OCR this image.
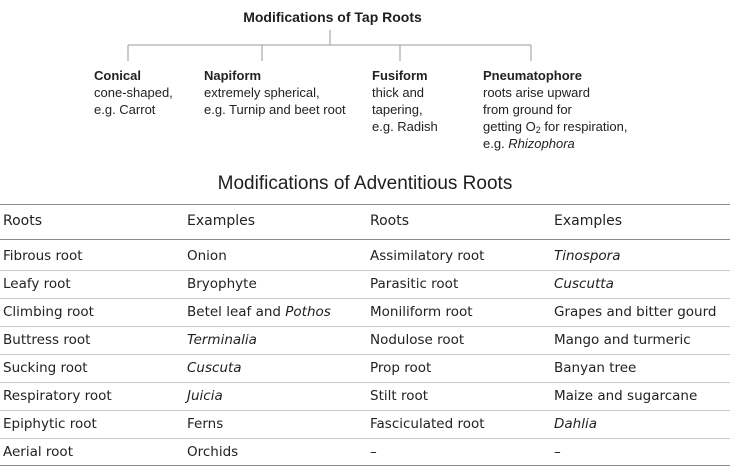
Modifications of Tap Roots
Conical
cone-shaped,
e.g. Carrot
Napiform
extremely spherical,
e.g. Turnip and beet root
Fusiform
thick and
tapering,
e.g. Radish
Pneumatophore
roots arise upward
from ground for
getting $O_2$ for respiration,
e.g. Rhizophora
Modifications of Adventitious Roots
Roots	Examples	Roots	Examples
Fibrous root	Onion	Assimilatory root	Tinospora
Leafy root	Bryophyte	Parasitic root	Cuscutta
Climbing root	Betel leaf and Pothos	Moniliform root	Grapes and bitter gourd
Buttress root	Terminalia	Nodulose root	Mango and turmeric
Sucking root	Cuscuta	Prop root	Banyan tree
Respiratory root	Juicia	Stilt root	Maize and sugarcane
Epiphytic root	Ferns	Fasciculated root	Dahlia
Aerial root	Orchids	–	–
